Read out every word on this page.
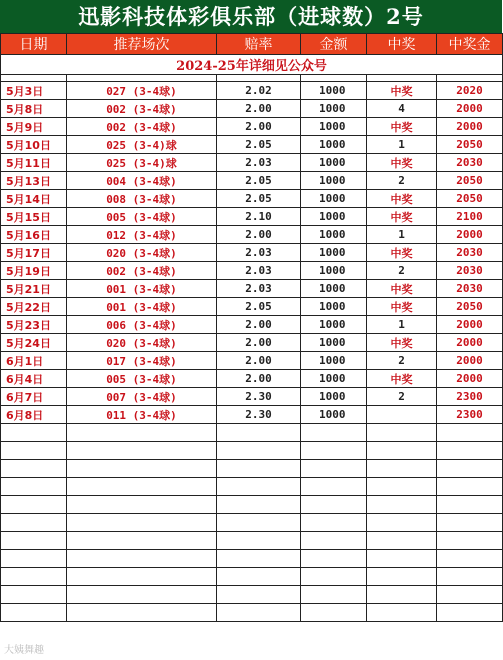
迅影科技体彩俱乐部（进球数）2号
日期	推荐场次	赔率	金额	中奖	中奖金
2024-25年详细见公众号					

5月3日	027 (3-4球)	2.02	1000	中奖	2020
5月8日	002 (3-4球)	2.00	1000	4	2000
5月9日	002 (3-4球)	2.00	1000	中奖	2000
5月10日	025 (3-4)球	2.05	1000	1	2050
5月11日	025 (3-4)球	2.03	1000	中奖	2030
5月13日	004 (3-4球)	2.05	1000	2	2050
5月14日	008 (3-4球)	2.05	1000	中奖	2050
5月15日	005 (3-4球)	2.10	1000	中奖	2100
5月16日	012 (3-4球)	2.00	1000	1	2000
5月17日	020 (3-4球)	2.03	1000	中奖	2030
5月19日	002 (3-4球)	2.03	1000	2	2030
5月21日	001 (3-4球)	2.03	1000	中奖	2030
5月22日	001 (3-4球)	2.05	1000	中奖	2050
5月23日	006 (3-4球)	2.00	1000	1	2000
5月24日	020 (3-4球)	2.00	1000	中奖	2000
6月1日	017 (3-4球)	2.00	1000	2	2000
6月4日	005 (3-4球)	2.00	1000	中奖	2000
6月7日	007 (3-4球)	2.30	1000	2	2300
6月8日	011 (3-4球)	2.30	1000		2300

大姨舞趣
